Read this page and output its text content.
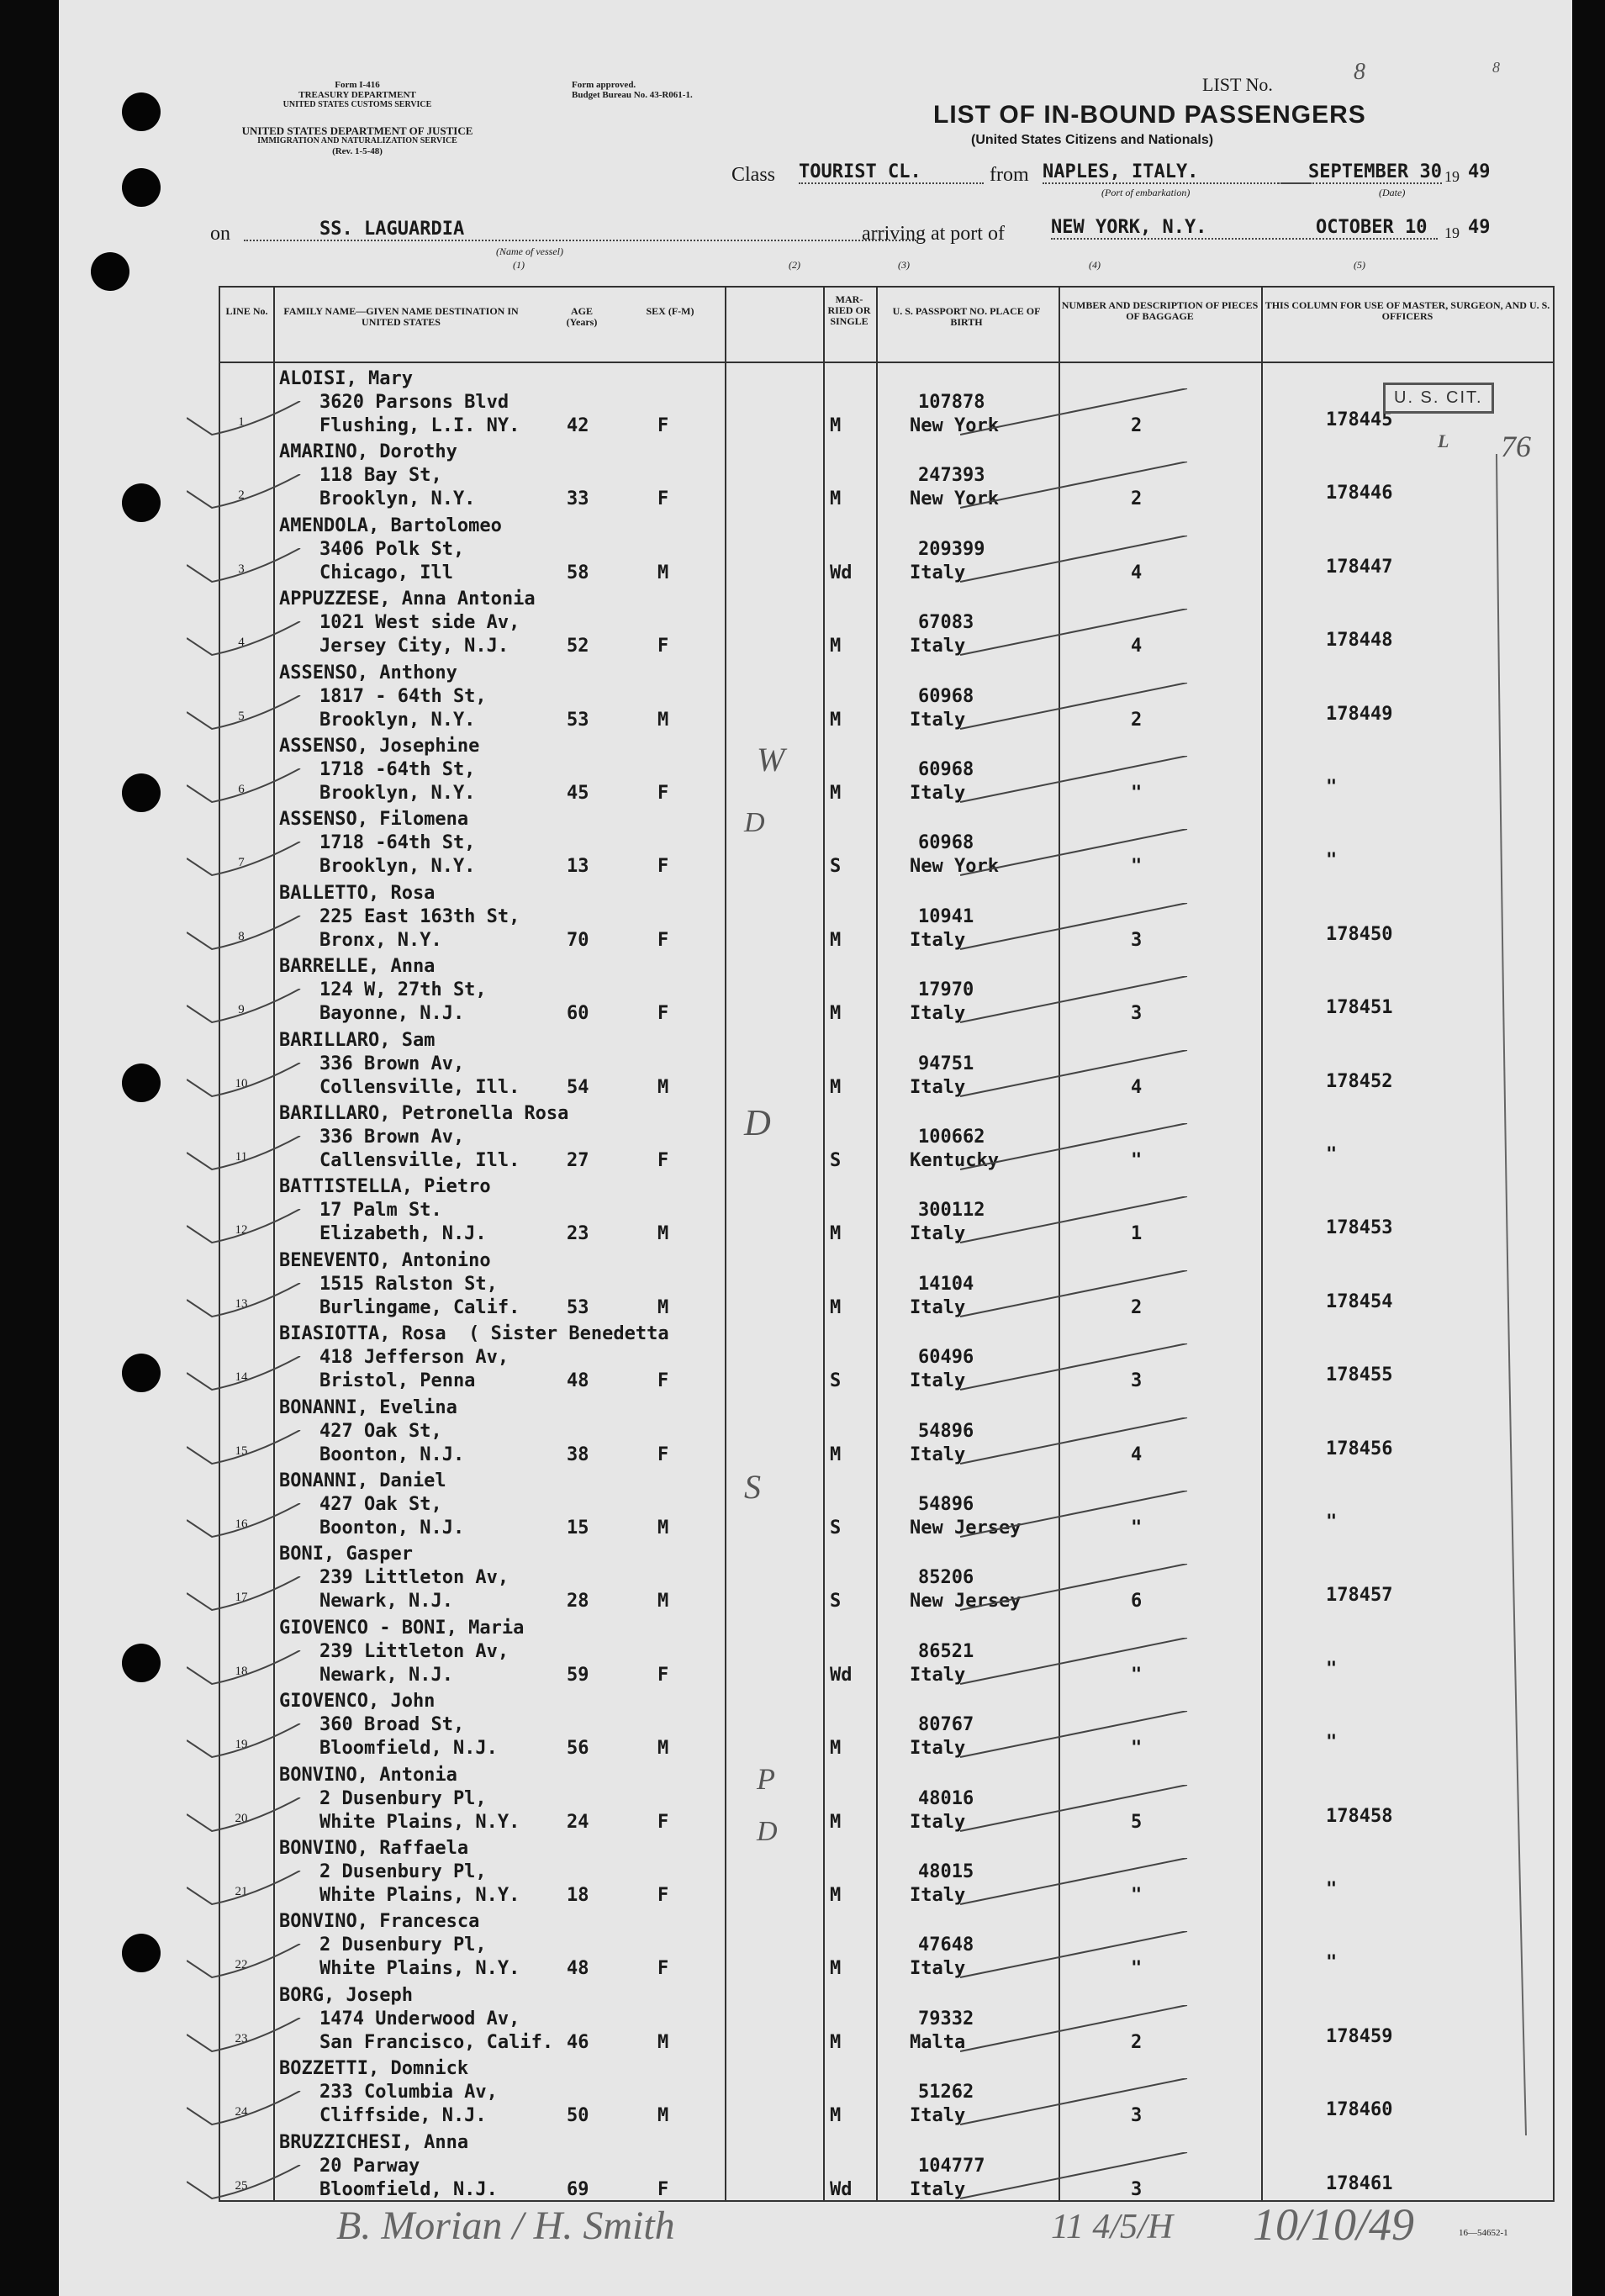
Form I-416
TREASURY DEPARTMENT
UNITED STATES CUSTOMS SERVICE
UNITED STATES DEPARTMENT OF JUSTICE
IMMIGRATION AND NATURALIZATION SERVICE
(Rev. 1-5-48)
Form approved.
Budget Bureau No. 43-R061-1.	LIST No.	8	8
LIST OF IN-BOUND PASSENGERS
(United States Citizens and Nationals)
Class TOURIST CL.	from NAPLES, ITALY.
(Port of embarkation)
SEPTEMBER 30 19 49
(Date)
on	SS. LAGUARDIA
(Name of vessel)
(1)
arriving at port of	NEW YORK, N.Y.	OCTOBER 10 19 49
(2)	(3)	(4)	(5)
LINE No.	FAMILY NAME—GIVEN NAME DESTINATION IN UNITED STATES
AGE (Years)
SEX (F-M)
MAR-RIED OR SINGLE
U. S. PASSPORT NO. PLACE OF BIRTH
NUMBER AND DESCRIPTION OF PIECES OF BAGGAGE
THIS COLUMN FOR USE OF MASTER, SURGEON, AND U. S. OFFICERS
1
ALOISI, Mary
3620 Parsons Blvd
Flushing, L.I. NY.	42	F	M
107878
New York	2	178445
2
AMARINO, Dorothy
118 Bay St,
Brooklyn, N.Y.	33	F	M
247393
New York	2	178446
3
AMENDOLA, Bartolomeo
3406 Polk St,
Chicago, Ill	58	M	Wd
209399
Italy	4	178447
4
APPUZZESE, Anna Antonia
1021 West side Av,
Jersey City, N.J.	52	F	M
67083
Italy	4	178448
5
ASSENSO, Anthony
1817 - 64th St,
Brooklyn, N.Y.	53	M	M
60968
Italy	2	178449
6
ASSENSO, Josephine
1718 -64th St,
Brooklyn, N.Y.	45	F	M
60968
Italy	"	"
7
ASSENSO, Filomena
1718 -64th St,
Brooklyn, N.Y.	13	F	S
60968
New York	"	"
8
BALLETTO, Rosa
225 East 163th St,
Bronx, N.Y.	70	F	M
10941
Italy	3	178450
9
BARRELLE, Anna
124 W, 27th St,
Bayonne, N.J.	60	F	M
17970
Italy	3	178451
10
BARILLARO, Sam
336 Brown Av,
Collensville, Ill.	54	M	M
94751
Italy	4	178452
11
BARILLARO, Petronella Rosa
336 Brown Av,
Callensville, Ill.	27	F	S
100662
Kentucky	"	"
12
BATTISTELLA, Pietro
17 Palm St.
Elizabeth, N.J.	23	M	M
300112
Italy	1	178453
13
BENEVENTO, Antonino
1515 Ralston St,
Burlingame, Calif.	53	M	M
14104
Italy	2	178454
14
BIASIOTTA, Rosa  ( Sister Benedetta
418 Jefferson Av,
Bristol, Penna	48	F	S
60496
Italy	3	178455
15
BONANNI, Evelina
427 Oak St,
Boonton, N.J.	38	F	M
54896
Italy	4	178456
16
BONANNI, Daniel
427 Oak St,
Boonton, N.J.	15	M	S
54896
New Jersey	"	"
17
BONI, Gasper
239 Littleton Av,
Newark, N.J.	28	M	S
85206
New Jersey	6	178457
18
GIOVENCO - BONI, Maria
239 Littleton Av,
Newark, N.J.	59	F	Wd
86521
Italy	"	"
19
GIOVENCO, John
360 Broad St,
Bloomfield, N.J.	56	M	M
80767
Italy	"	"
20
BONVINO, Antonia
2 Dusenbury Pl,
White Plains, N.Y.	24	F	M
48016
Italy	5	178458
21
BONVINO, Raffaela
2 Dusenbury Pl,
White Plains, N.Y.	18	F	M
48015
Italy	"	"
22
BONVINO, Francesca
2 Dusenbury Pl,
White Plains, N.Y.	48	F	M
47648
Italy	"	"
23
BORG, Joseph
1474 Underwood Av,
San Francisco, Calif. 46	M	M
79332
Malta	2	178459
24
BOZZETTI, Domnick
233 Columbia Av,
Cliffside, N.J.	50	M	M
51262
Italy	3	178460
25
BRUZZICHESI, Anna
20 Parway
Bloomfield, N.J.	69	F	Wd
104777
Italy	3	178461
U. S. CIT.
L 76
W
D
D
S
P
D
B. Morian / H. Smith	11 4/5/H 10/10/49	16—54652-1
